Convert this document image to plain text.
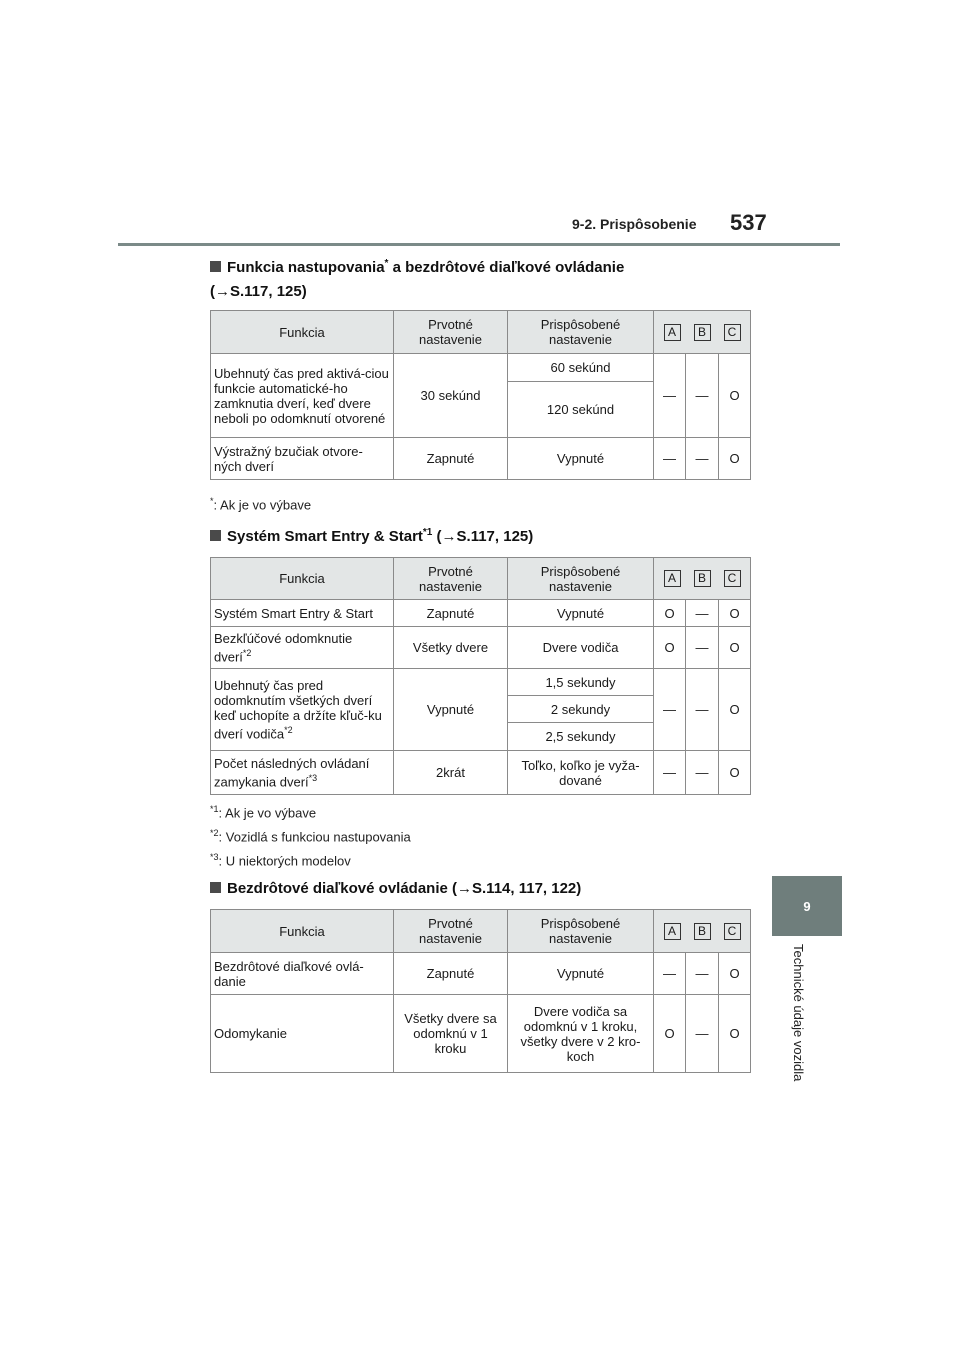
9-2. Prispôsobenie 537
9
Technické údaje vozidla
Funkcia nastupovania* a bezdrôtové diaľkové ovládanie
(→S.117, 125)
Funkcia	Prvotné nastavenie	Prispôsobené nastavenie	A B C		

Ubehnutý čas pred aktivá-ciou funkcie automatické-ho zamknutia dverí, keď dvere neboli po odomknutí otvorené	30 sekúnd	60 sekúnd	—	—	O
		120 sekúnd			
Výstražný bzučiak otvore-ných dverí	Zapnuté	Vypnuté	—	—	O
*: Ak je vo výbave
Systém Smart Entry & Start$^{*1}$ (→S.117, 125)
Funkcia	Prvotné nastavenie	Prispôsobené nastavenie	A B C		

Systém Smart Entry & Start	Zapnuté	Vypnuté	O	—	O
Bezkľúčové odomknutie dverí$^{*2}$	Všetky dvere	Dvere vodiča	O	—	O
Ubehnutý čas pred odomknutím všetkých dverí keď uchopíte a držíte kľuč-ku dverí vodiča$^{*2}$	Vypnuté	1,5 sekundy	—	—	O
		2 sekundy			
		2,5 sekundy			
Počet následných ovládaní zamykania dverí$^{*3}$	2krát	Toľko, koľko je vyža-dované	—	—	O
$^{*1}$: Ak je vo výbave
$^{*2}$: Vozidlá s funkciou nastupovania
$^{*3}$: U niektorých modelov
Bezdrôtové diaľkové ovládanie (→S.114, 117, 122)
Funkcia	Prvotné nastavenie	Prispôsobené nastavenie	A B C		

Bezdrôtové diaľkové ovlá-danie	Zapnuté	Vypnuté	—	—	O
Odomykanie	Všetky dvere sa odomknú v 1 kroku	Dvere vodiča sa odomknú v 1 kroku, všetky dvere v 2 kro-koch	O	—	O
